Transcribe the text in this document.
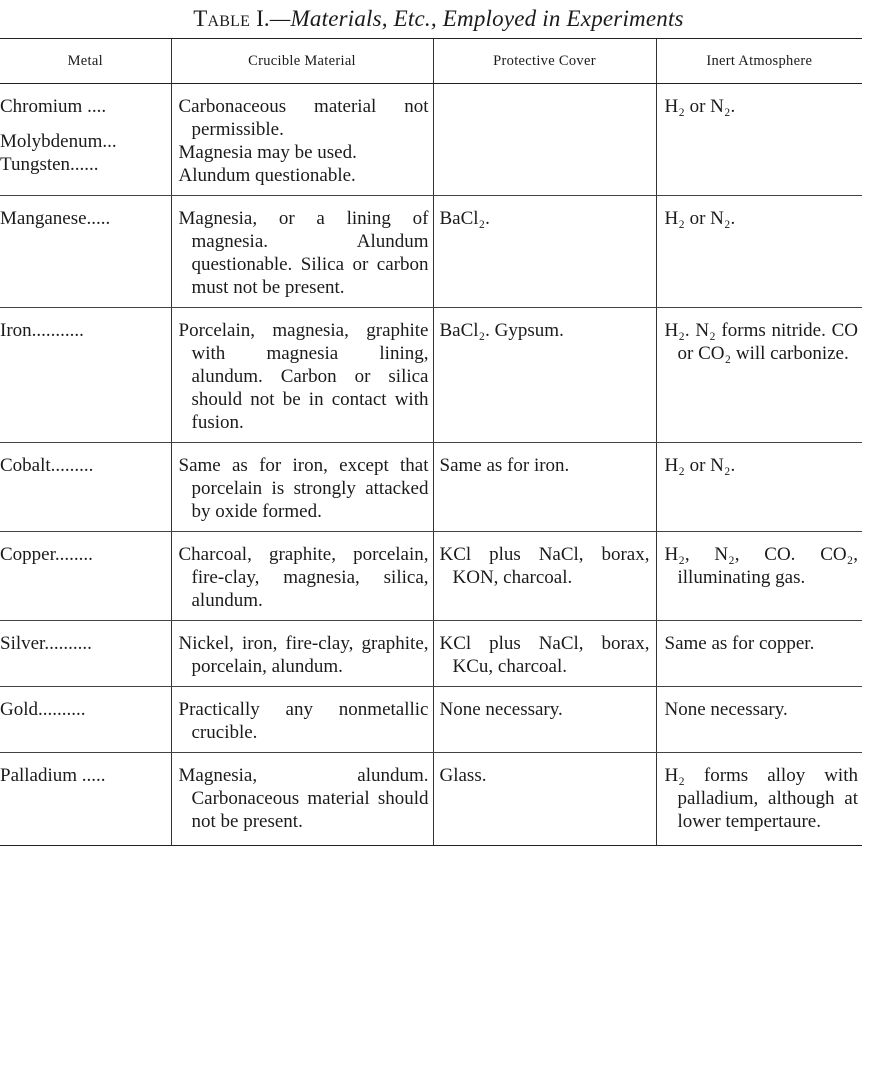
Table I.—Materials, Etc., Employed in Experiments
Metal	Crucible Material	Protective Cover	Inert Atmosphere

Chromium ....
Molybdenum...
Tungsten......	Carbonaceous material not permissible.
Magnesia may be used.
Alundum questionable.		H₂ or N₂.

Manganese.....	Magnesia, or a lining of magnesia. Alundum questionable. Silica or carbon must not be present.	BaCl₂.	H₂ or N₂.

Iron...........	Porcelain, magnesia, graphite with magnesia lining, alundum. Carbon or silica should not be in contact with fusion.	BaCl₂. Gypsum.	H₂. N₂ forms nitride. CO or CO₂ will carbonize.

Cobalt.........	Same as for iron, except that porcelain is strongly attacked by oxide formed.	Same as for iron.	H₂ or N₂.

Copper........	Charcoal, graphite, porcelain, fire-clay, magnesia, silica, alundum.	KCl plus NaCl, borax, KON, charcoal.	H₂, N₂, CO. CO₂, illuminating gas.

Silver..........	Nickel, iron, fire-clay, graphite, porcelain, alundum.	KCl plus NaCl, borax, KCu, charcoal.	Same as for copper.

Gold..........	Practically any nonmetallic crucible.	None necessary.	None necessary.

Palladium .....	Magnesia, alundum. Carbonaceous material should not be present.	Glass.	H₂ forms alloy with palladium, although at lower tempertaure.
